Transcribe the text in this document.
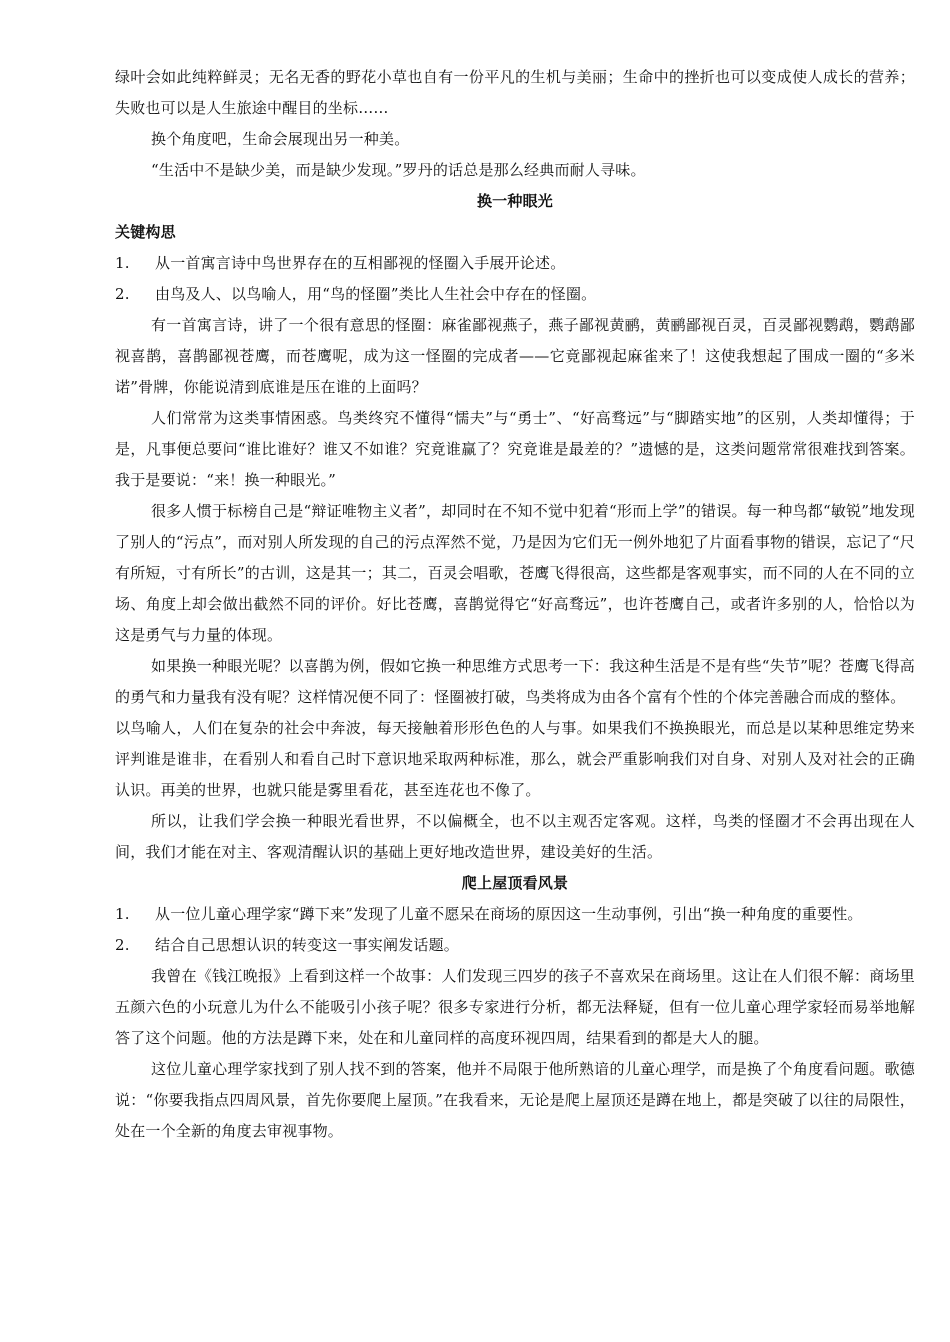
绿叶会如此纯粹鲜灵；无名无香的野花小草也自有一份平凡的生机与美丽；生命中的挫折也可以变成使人成长的营养；失败也可以是人生旅途中醒目的坐标……

换个角度吧，生命会展现出另一种美。

“生活中不是缺少美，而是缺少发现。”罗丹的话总是那么经典而耐人寻味。

换一种眼光

关键构思

1.	从一首寓言诗中鸟世界存在的互相鄙视的怪圈入手展开论述。
2.	由鸟及人、以鸟喻人，用“鸟的怪圈”类比人生社会中存在的怪圈。

有一首寓言诗，讲了一个很有意思的怪圈：麻雀鄙视燕子，燕子鄙视黄鹂，黄鹂鄙视百灵，百灵鄙视鹦鹉，鹦鹉鄙视喜鹊，喜鹊鄙视苍鹰，而苍鹰呢，成为这一怪圈的完成者——它竟鄙视起麻雀来了！这使我想起了围成一圈的“多米诺”骨牌，你能说清到底谁是压在谁的上面吗？

人们常常为这类事情困惑。鸟类终究不懂得“懦夫”与“勇士”、“好高骛远”与“脚踏实地”的区别，人类却懂得；于是，凡事便总要问“谁比谁好？谁又不如谁？究竟谁赢了？究竟谁是最差的？”遗憾的是，这类问题常常很难找到答案。我于是要说：“来！换一种眼光。”

很多人惯于标榜自己是“辩证唯物主义者”，却同时在不知不觉中犯着“形而上学”的错误。每一种鸟都“敏锐”地发现了别人的“污点”，而对别人所发现的自己的污点浑然不觉，乃是因为它们无一例外地犯了片面看事物的错误，忘记了“尺有所短，寸有所长”的古训，这是其一；其二，百灵会唱歌，苍鹰飞得很高，这些都是客观事实，而不同的人在不同的立场、角度上却会做出截然不同的评价。好比苍鹰，喜鹊觉得它“好高骛远”，也许苍鹰自己，或者许多别的人，恰恰以为这是勇气与力量的体现。

如果换一种眼光呢？以喜鹊为例，假如它换一种思维方式思考一下：我这种生活是不是有些“失节”呢？苍鹰飞得高的勇气和力量我有没有呢？这样情况便不同了：怪圈被打破，鸟类将成为由各个富有个性的个体完善融合而成的整体。

以鸟喻人，人们在复杂的社会中奔波，每天接触着形形色色的人与事。如果我们不换换眼光，而总是以某种思维定势来评判谁是谁非，在看别人和看自己时下意识地采取两种标准，那么，就会严重影响我们对自身、对别人及对社会的正确认识。再美的世界，也就只能是雾里看花，甚至连花也不像了。

所以，让我们学会换一种眼光看世界，不以偏概全，也不以主观否定客观。这样，鸟类的怪圈才不会再出现在人间，我们才能在对主、客观清醒认识的基础上更好地改造世界，建设美好的生活。

爬上屋顶看风景

1.	从一位儿童心理学家“蹲下来”发现了儿童不愿呆在商场的原因这一生动事例，引出“换一种角度的重要性。
2.	结合自己思想认识的转变这一事实阐发话题。

我曾在《钱江晚报》上看到这样一个故事：人们发现三四岁的孩子不喜欢呆在商场里。这让在人们很不解：商场里五颜六色的小玩意儿为什么不能吸引小孩子呢？很多专家进行分析，都无法释疑，但有一位儿童心理学家轻而易举地解答了这个问题。他的方法是蹲下来，处在和儿童同样的高度环视四周，结果看到的都是大人的腿。

这位儿童心理学家找到了别人找不到的答案，他并不局限于他所熟谙的儿童心理学，而是换了个角度看问题。歌德说：“你要我指点四周风景，首先你要爬上屋顶。”在我看来，无论是爬上屋顶还是蹲在地上，都是突破了以往的局限性，处在一个全新的角度去审视事物。
